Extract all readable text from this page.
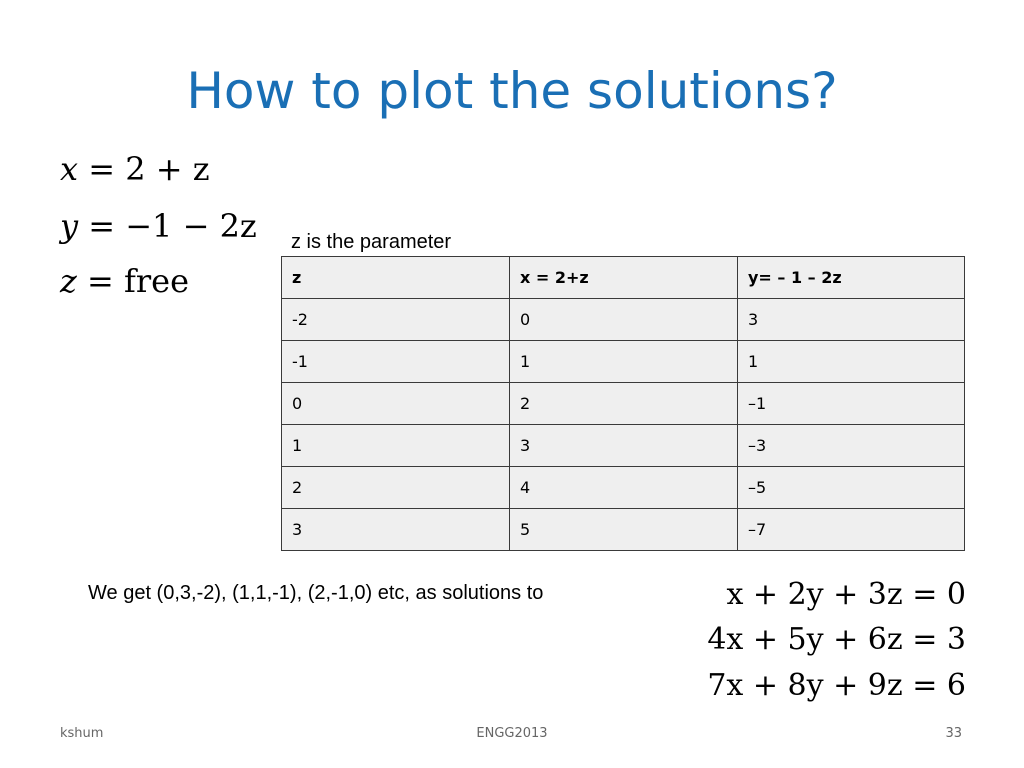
How to plot the solutions?
x = 2 + z
y = −1 − 2z
z = free
z is the parameter
z	x = 2+z	y= – 1 – 2z
-2	0	3
-1	1	1
0	2	–1
1	3	–3
2	4	–5
3	5	–7
We get (0,3,-2), (1,1,-1), (2,-1,0) etc, as solutions to	x + 2y + 3z = 0
4x + 5y + 6z = 3
7x + 8y + 9z = 6
kshum	ENGG2013	33
